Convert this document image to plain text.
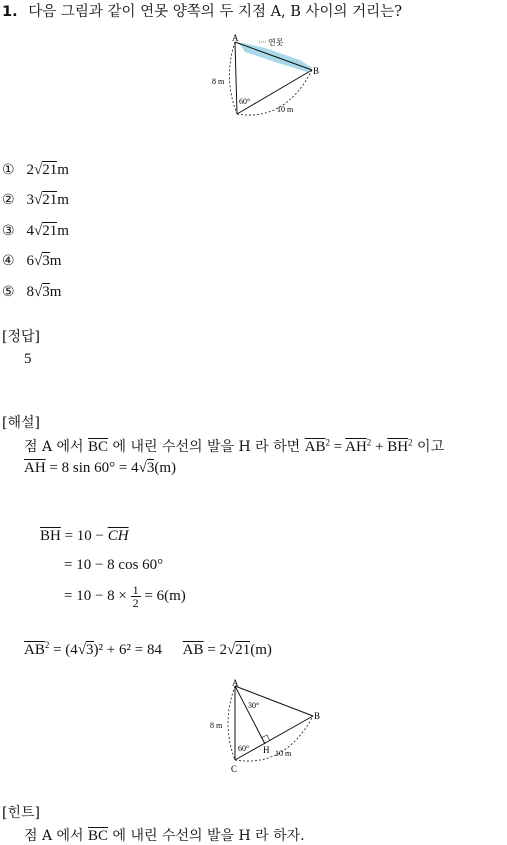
1. 다음 그림과 같이 연못 양쪽의 두 지점 A, B 사이의 거리는?
A
B
연못
8 m
10 m
60°
① 2√21m
② 3√21m
③ 4√21m
④ 6√3m
⑤ 8√3m
[정답]
5
[해설]
점 A 에서 $\overline{BC}$ 에 내린 수선의 발을 H 라 하면 $\overline{AB}^2 = \overline{AH}^2 + \overline{BH}^2$ 이고
$\overline{AH} = 8$ sin 60° = 4√3(m)
$\overline{BH} = 10 - \overline{CH}$
= 10 − 8 cos 60°
= $10 - 8 \times \frac{1}{2} = 6(m)$
$\overline{AB}^2 = (4√3)^2 + 6^2 = 84$ $\overline{AB} = 2√21(m)$
A
B
C
H
8 m
10 m
60°
30°
[힌트]
점 A 에서 $\overline{BC}$ 에 내린 수선의 발을 H 라 하자.
